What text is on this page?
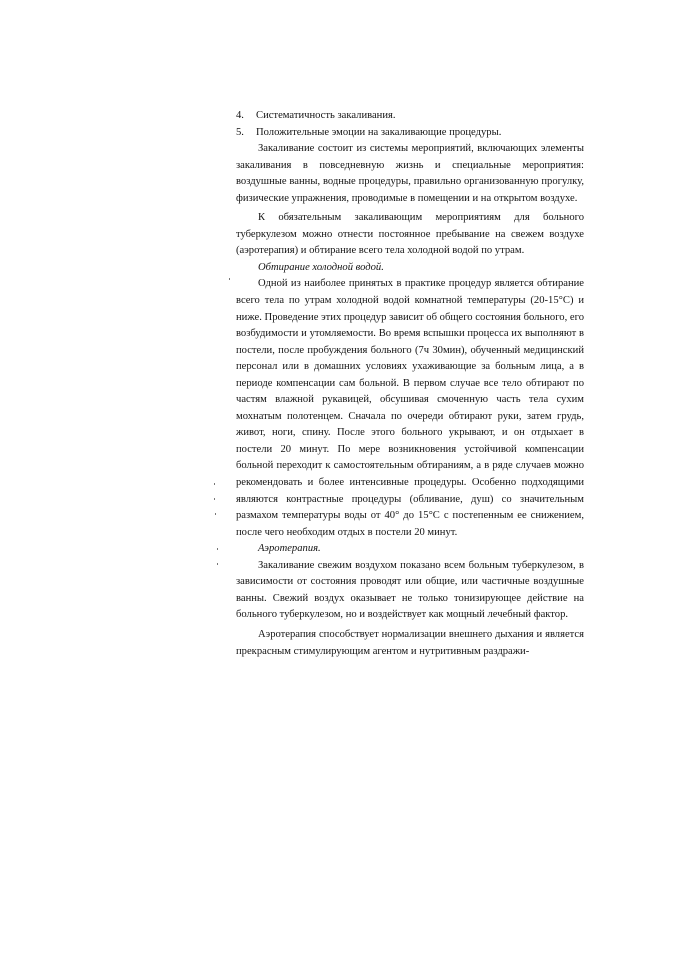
4.	Систематичность закаливания.
5.	Положительные эмоции на закаливающие процедуры.

Закаливание состоит из системы мероприятий, включающих элементы закаливания в повседневную жизнь и специальные мероприятия: воздушные ванны, водные процедуры, правильно организованную прогулку, физические упражнения, проводимые в помещении и на открытом воздухе.

К обязательным закаливающим мероприятиям для больного туберкулезом можно отнести постоянное пребывание на свежем воздухе (аэротерапия) и обтирание всего тела холодной водой по утрам.

Обтирание холодной водой.

Одной из наиболее принятых в практике процедур является обтирание всего тела по утрам холодной водой комнатной температуры (20-15°С) и ниже. Проведение этих процедур зависит об общего состояния больного, его возбудимости и утомляемости. Во время вспышки процесса их выполняют в постели, после пробуждения больного (7ч 30мин), обученный медицинский персонал или в домашних условиях ухаживающие за больным лица, а в периоде компенсации сам больной. В первом случае все тело обтирают по частям влажной рукавицей, обсушивая смоченную часть тела сухим мохнатым полотенцем. Сначала по очереди обтирают руки, затем грудь, живот, ноги, спину. После этого больного укрывают, и он отдыхает в постели 20 минут. По мере возникновения устойчивой компенсации больной переходит к самостоятельным обтираниям, а в ряде случаев можно рекомендовать и более интенсивные процедуры. Особенно подходящими являются контрастные процедуры (обливание, душ) со значительным размахом температуры воды от 40° до 15°С с постепенным ее снижением, после чего необходим отдых в постели 20 минут.

Аэротерапия.

Закаливание свежим воздухом показано всем больным туберкулезом, в зависимости от состояния проводят или общие, или частичные воздушные ванны. Свежий воздух оказывает не только тонизирующее действие на больного туберкулезом, но и воздействует как мощный лечебный фактор.

Аэротерапия способствует нормализации внешнего дыхания и является прекрасным стимулирующим агентом и нутритивным раздражи-
